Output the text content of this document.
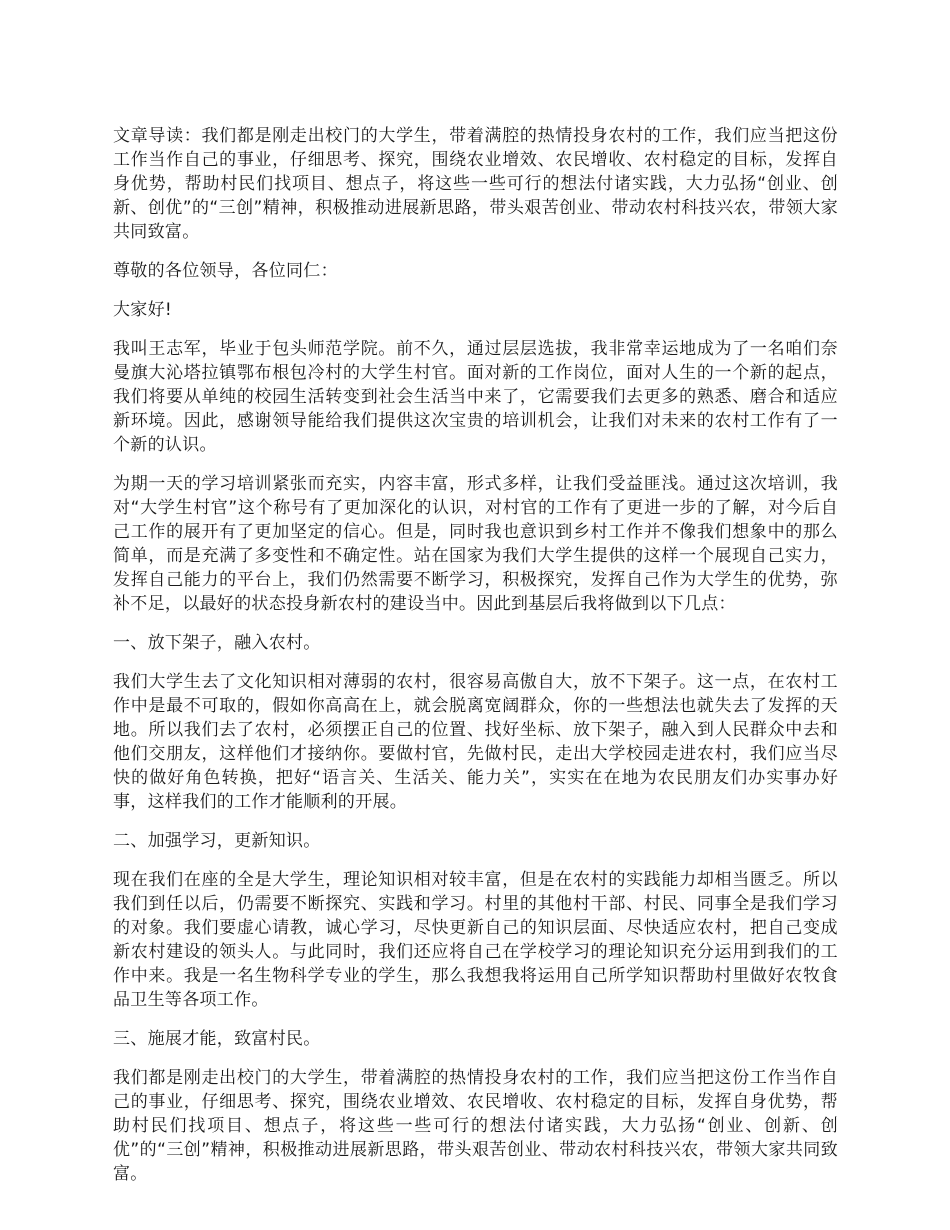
文章导读：我们都是刚走出校门的大学生，带着满腔的热情投身农村的工作，我们应当把这份工作当作自己的事业，仔细思考、探究，围绕农业增效、农民增收、农村稳定的目标，发挥自身优势，帮助村民们找项目、想点子，将这些一些可行的想法付诸实践，大力弘扬“创业、创新、创优”的“三创”精神，积极推动进展新思路，带头艰苦创业、带动农村科技兴农，带领大家共同致富。

尊敬的各位领导，各位同仁：

大家好!

我叫王志军，毕业于包头师范学院。前不久，通过层层选拔，我非常幸运地成为了一名咱们奈曼旗大沁塔拉镇鄂布根包冷村的大学生村官。面对新的工作岗位，面对人生的一个新的起点，我们将要从单纯的校园生活转变到社会生活当中来了，它需要我们去更多的熟悉、磨合和适应新环境。因此，感谢领导能给我们提供这次宝贵的培训机会，让我们对未来的农村工作有了一个新的认识。

为期一天的学习培训紧张而充实，内容丰富，形式多样，让我们受益匪浅。通过这次培训，我对“大学生村官”这个称号有了更加深化的认识，对村官的工作有了更进一步的了解，对今后自己工作的展开有了更加坚定的信心。但是，同时我也意识到乡村工作并不像我们想象中的那么简单，而是充满了多变性和不确定性。站在国家为我们大学生提供的这样一个展现自己实力，发挥自己能力的平台上，我们仍然需要不断学习，积极探究，发挥自己作为大学生的优势，弥补不足，以最好的状态投身新农村的建设当中。因此到基层后我将做到以下几点：

一、放下架子，融入农村。

我们大学生去了文化知识相对薄弱的农村，很容易高傲自大，放不下架子。这一点，在农村工作中是最不可取的，假如你高高在上，就会脱离宽阔群众，你的一些想法也就失去了发挥的天地。所以我们去了农村，必须摆正自己的位置、找好坐标、放下架子，融入到人民群众中去和他们交朋友，这样他们才接纳你。要做村官，先做村民，走出大学校园走进农村，我们应当尽快的做好角色转换，把好“语言关、生活关、能力关”，实实在在地为农民朋友们办实事办好事，这样我们的工作才能顺利的开展。

二、加强学习，更新知识。

现在我们在座的全是大学生，理论知识相对较丰富，但是在农村的实践能力却相当匮乏。所以我们到任以后，仍需要不断探究、实践和学习。村里的其他村干部、村民、同事全是我们学习的对象。我们要虚心请教，诚心学习，尽快更新自己的知识层面、尽快适应农村，把自己变成新农村建设的领头人。与此同时，我们还应将自己在学校学习的理论知识充分运用到我们的工作中来。我是一名生物科学专业的学生，那么我想我将运用自己所学知识帮助村里做好农牧食品卫生等各项工作。

三、施展才能，致富村民。

我们都是刚走出校门的大学生，带着满腔的热情投身农村的工作，我们应当把这份工作当作自己的事业，仔细思考、探究，围绕农业增效、农民增收、农村稳定的目标，发挥自身优势，帮助村民们找项目、想点子，将这些一些可行的想法付诸实践，大力弘扬“创业、创新、创优”的“三创”精神，积极推动进展新思路，带头艰苦创业、带动农村科技兴农，带领大家共同致富。
